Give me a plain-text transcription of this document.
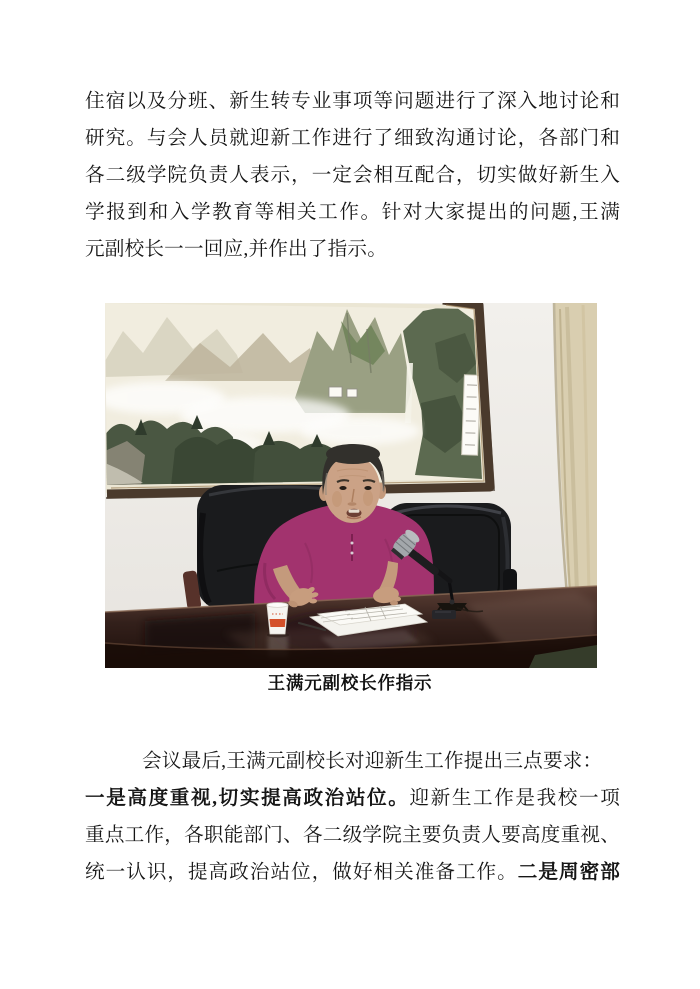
住宿以及分班、新生转专业事项等问题进行了深入地讨论和
研究。与会人员就迎新工作进行了细致沟通讨论，各部门和
各二级学院负责人表示，一定会相互配合，切实做好新生入
学报到和入学教育等相关工作。针对大家提出的问题,王满
元副校长一一回应,并作出了指示。
王满元副校长作指示
会议最后,王满元副校长对迎新生工作提出三点要求：
一是高度重视,切实提高政治站位。迎新生工作是我校一项
重点工作，各职能部门、各二级学院主要负责人要高度重视、
统一认识，提高政治站位，做好相关准备工作。二是周密部
